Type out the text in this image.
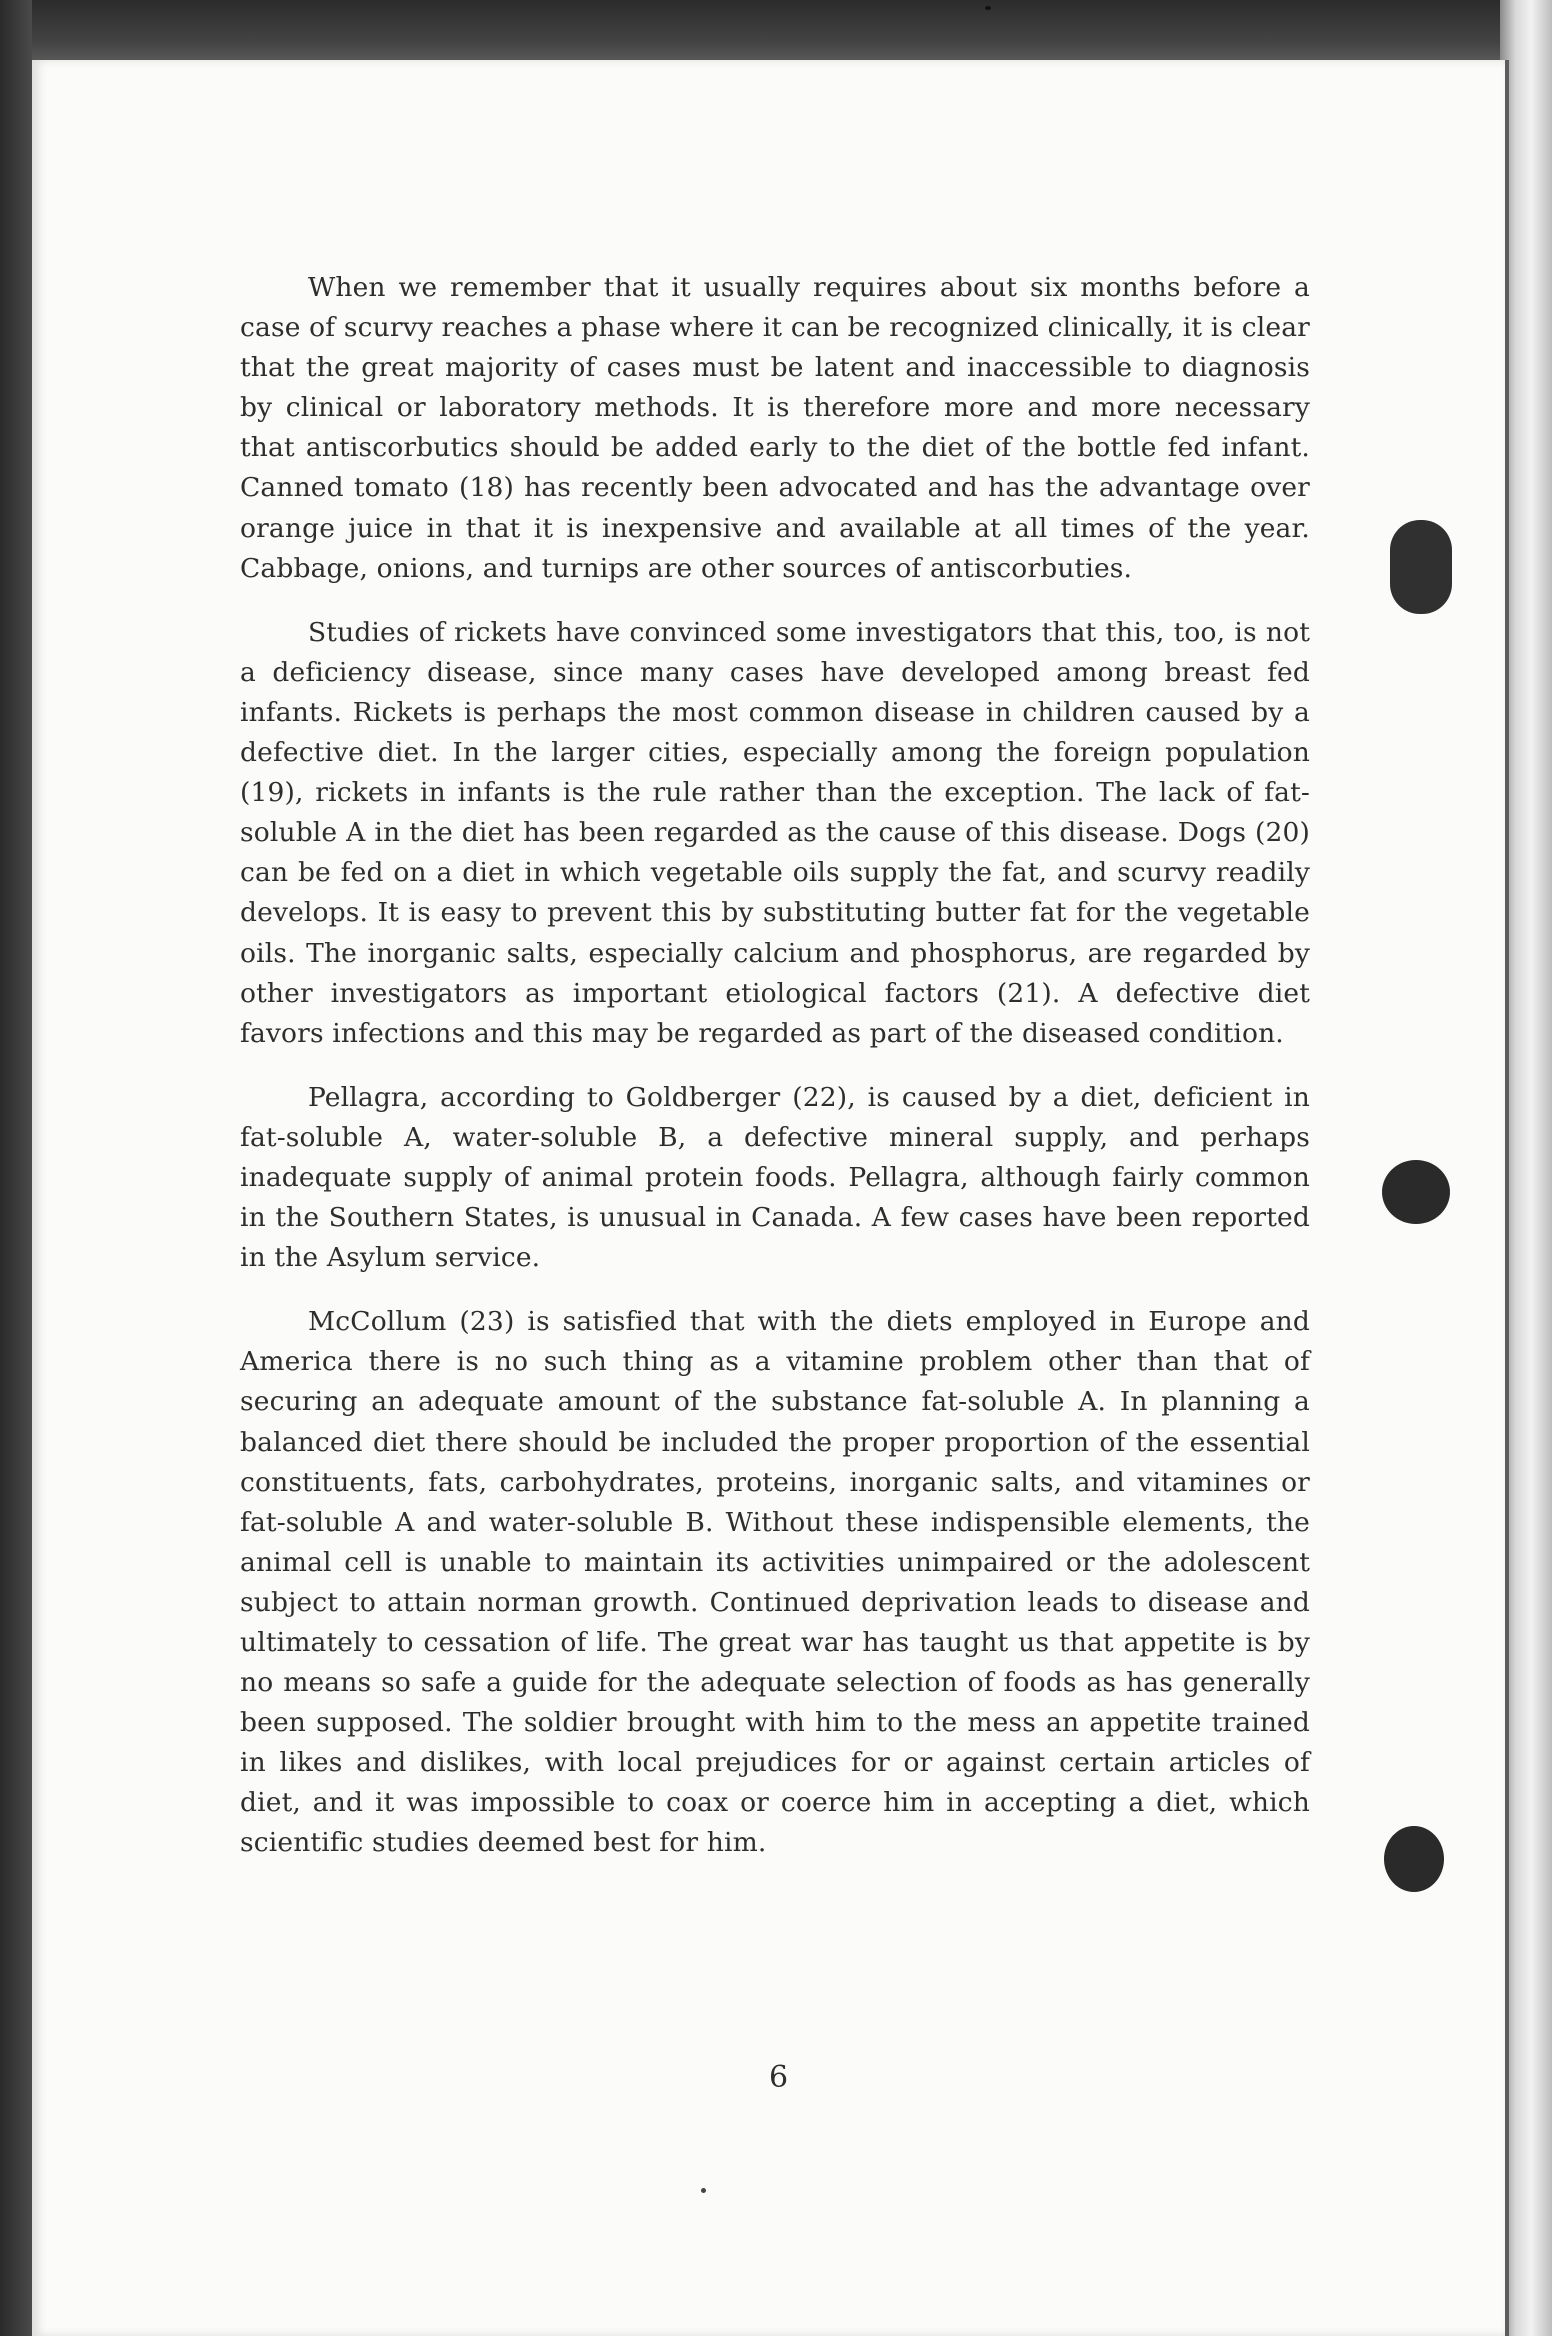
When we remember that it usually requires about six months before a case of scurvy reaches a phase where it can be recognized clinically, it is clear that the great majority of cases must be latent and inaccessible to diagnosis by clinical or laboratory methods. It is therefore more and more necessary that antiscorbutics should be added early to the diet of the bottle fed infant. Canned tomato (18) has recently been advocated and has the advantage over orange juice in that it is inexpensive and available at all times of the year. Cabbage, onions, and turnips are other sources of antiscorbuties.

Studies of rickets have convinced some investigators that this, too, is not a deficiency disease, since many cases have developed among breast fed infants. Rickets is perhaps the most common disease in children caused by a defective diet. In the larger cities, especially among the foreign population (19), rickets in infants is the rule rather than the exception. The lack of fat-soluble A in the diet has been regarded as the cause of this disease. Dogs (20) can be fed on a diet in which vegetable oils supply the fat, and scurvy readily develops. It is easy to prevent this by substituting butter fat for the vegetable oils. The inorganic salts, especially calcium and phosphorus, are regarded by other investigators as important etiological factors (21). A defective diet favors infections and this may be regarded as part of the diseased condition.

Pellagra, according to Goldberger (22), is caused by a diet, deficient in fat-soluble A, water-soluble B, a defective mineral supply, and perhaps inadequate supply of animal protein foods. Pellagra, although fairly common in the Southern States, is unusual in Canada. A few cases have been reported in the Asylum service.

McCollum (23) is satisfied that with the diets employed in Europe and America there is no such thing as a vitamine problem other than that of securing an adequate amount of the substance fat-soluble A. In planning a balanced diet there should be included the proper proportion of the essential constituents, fats, carbohydrates, proteins, inorganic salts, and vitamines or fat-soluble A and water-soluble B. Without these indispensible elements, the animal cell is unable to maintain its activities unimpaired or the adolescent subject to attain norman growth. Continued deprivation leads to disease and ultimately to cessation of life. The great war has taught us that appetite is by no means so safe a guide for the adequate selection of foods as has generally been supposed. The soldier brought with him to the mess an appetite trained in likes and dislikes, with local prejudices for or against certain articles of diet, and it was impossible to coax or coerce him in accepting a diet, which scientific studies deemed best for him.

6
